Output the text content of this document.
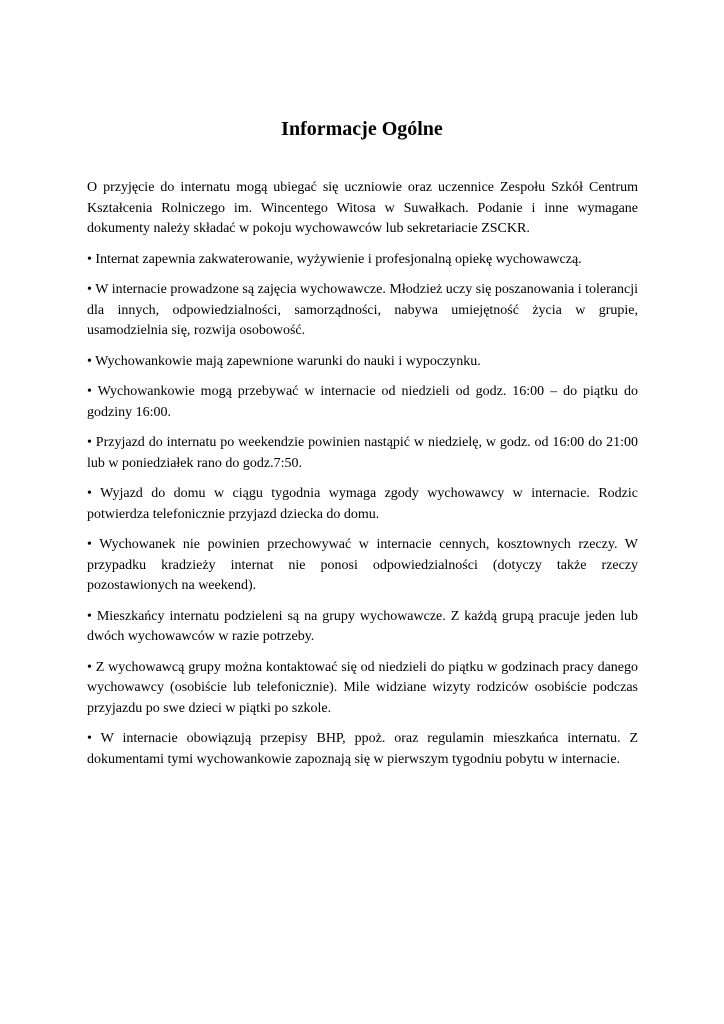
Informacje Ogólne

O przyjęcie do internatu mogą ubiegać się uczniowie oraz uczennice Zespołu Szkół Centrum Kształcenia Rolniczego im. Wincentego Witosa w Suwałkach. Podanie i inne wymagane dokumenty należy składać w pokoju wychowawców lub sekretariacie ZSCKR.

• Internat zapewnia zakwaterowanie, wyżywienie i profesjonalną opiekę wychowawczą.

• W internacie prowadzone są zajęcia wychowawcze. Młodzież uczy się poszanowania i tolerancji dla innych, odpowiedzialności, samorządności, nabywa umiejętność życia w grupie, usamodzielnia się, rozwija osobowość.

• Wychowankowie mają zapewnione warunki do nauki i wypoczynku.

• Wychowankowie mogą przebywać w internacie od niedzieli od godz. 16:00 – do piątku do godziny 16:00.

• Przyjazd do internatu po weekendzie powinien nastąpić w niedzielę, w godz. od 16:00 do 21:00 lub w poniedziałek rano do godz.7:50.

• Wyjazd do domu w ciągu tygodnia wymaga zgody wychowawcy w internacie. Rodzic potwierdza telefonicznie przyjazd dziecka do domu.

• Wychowanek nie powinien przechowywać w internacie cennych, kosztownych rzeczy. W przypadku kradzieży internat nie ponosi odpowiedzialności (dotyczy także rzeczy pozostawionych na weekend).

• Mieszkańcy internatu podzieleni są na grupy wychowawcze. Z każdą grupą pracuje jeden lub dwóch wychowawców w razie potrzeby.

• Z wychowawcą grupy można kontaktować się od niedzieli do piątku w godzinach pracy danego wychowawcy (osobiście lub telefonicznie). Mile widziane wizyty rodziców osobiście podczas przyjazdu po swe dzieci w piątki po szkole.

• W internacie obowiązują przepisy BHP, ppoż. oraz regulamin mieszkańca internatu. Z dokumentami tymi wychowankowie zapoznają się w pierwszym tygodniu pobytu w internacie.
